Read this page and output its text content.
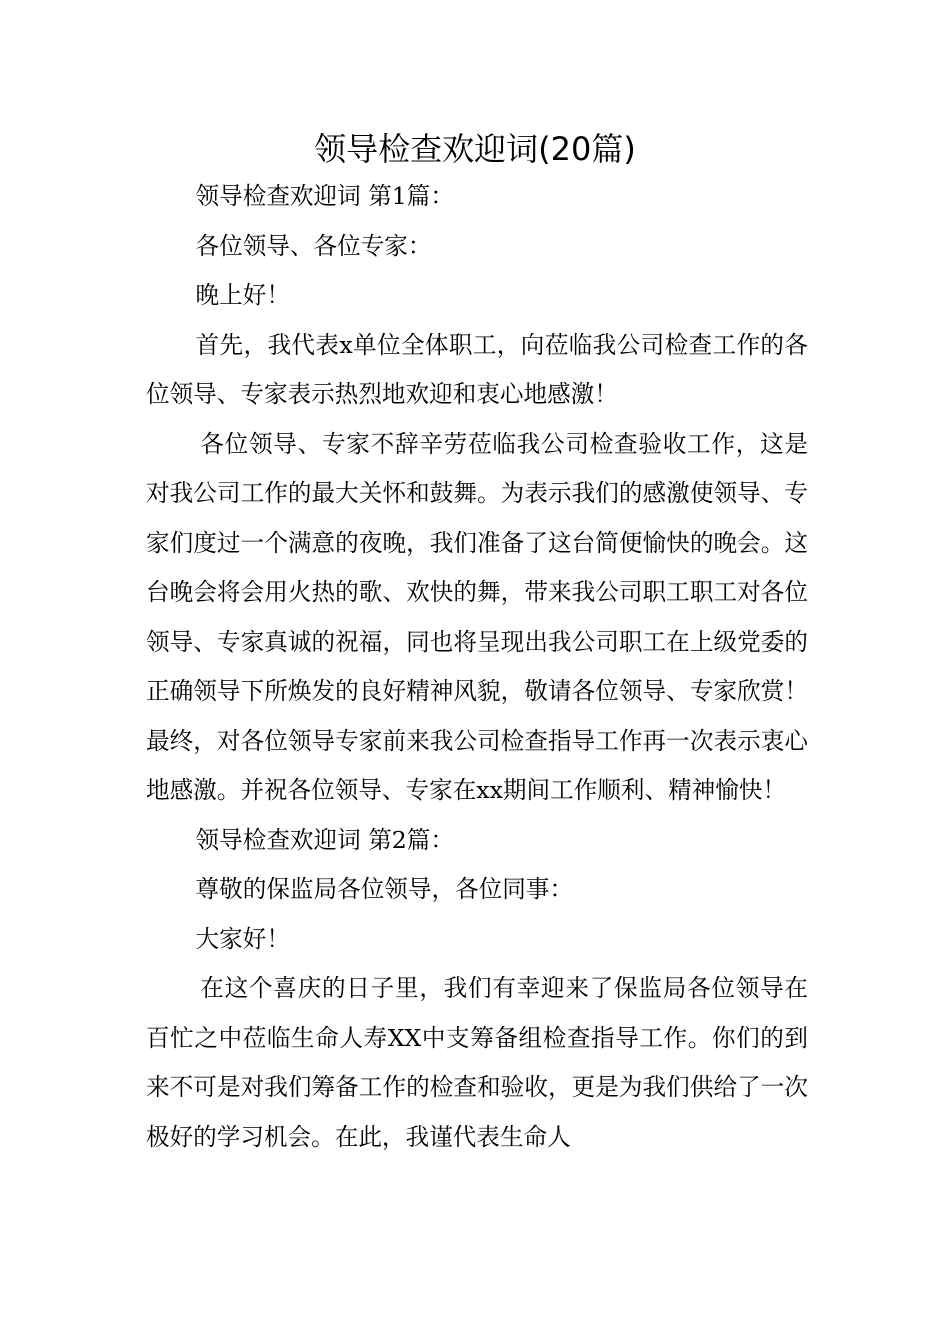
领导检查欢迎词(20篇)

领导检查欢迎词 第1篇：

各位领导、各位专家：

晚上好！

首先，我代表x单位全体职工，向莅临我公司检查工作的各位领导、专家表示热烈地欢迎和衷心地感激！

各位领导、专家不辞辛劳莅临我公司检查验收工作，这是对我公司工作的最大关怀和鼓舞。为表示我们的感激使领导、专家们度过一个满意的夜晚，我们准备了这台简便愉快的晚会。这台晚会将会用火热的歌、欢快的舞，带来我公司职工职工对各位领导、专家真诚的祝福，同也将呈现出我公司职工在上级党委的正确领导下所焕发的良好精神风貌，敬请各位领导、专家欣赏！最终，对各位领导专家前来我公司检查指导工作再一次表示衷心地感激。并祝各位领导、专家在xx期间工作顺利、精神愉快！

领导检查欢迎词 第2篇：

尊敬的保监局各位领导，各位同事：

大家好！

在这个喜庆的日子里，我们有幸迎来了保监局各位领导在百忙之中莅临生命人寿XX中支筹备组检查指导工作。你们的到来不可是对我们筹备工作的检查和验收，更是为我们供给了一次极好的学习机会。在此，我谨代表生命人
